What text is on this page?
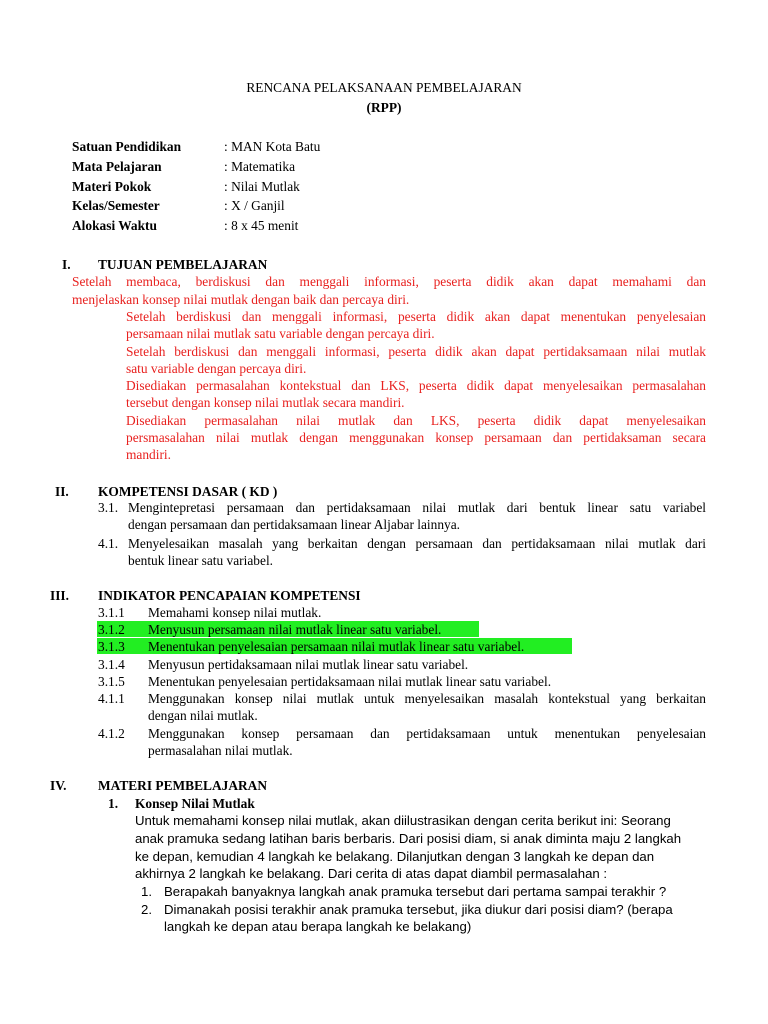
RENCANA PELAKSANAAN PEMBELAJARAN
(RPP)
Satuan Pendidikan	: MAN Kota Batu
Mata Pelajaran	: Matematika
Materi Pokok	: Nilai Mutlak
Kelas/Semester	: X / Ganjil
Alokasi Waktu	: 8 x 45 menit
I. TUJUAN PEMBELAJARAN
Setelah membaca, berdiskusi dan menggali informasi, peserta didik akan dapat memahami dan
menjelaskan konsep nilai mutlak dengan baik dan percaya diri.
Setelah berdiskusi dan menggali informasi, peserta didik akan dapat menentukan penyelesaian
persamaan nilai mutlak satu variable dengan percaya diri.
Setelah berdiskusi dan menggali informasi, peserta didik akan dapat pertidaksamaan nilai mutlak
satu variable dengan percaya diri.
Disediakan permasalahan kontekstual dan LKS, peserta didik dapat menyelesaikan permasalahan
tersebut dengan konsep nilai mutlak secara mandiri.
Disediakan permasalahan nilai mutlak dan LKS, peserta didik dapat menyelesaikan
persmasalahan nilai mutlak dengan menggunakan konsep persamaan dan pertidaksaman secara
mandiri.
II. KOMPETENSI DASAR ( KD )
3.1. Mengintepretasi persamaan dan pertidaksamaan nilai mutlak dari bentuk linear satu variabel
dengan persamaan dan pertidaksamaan linear Aljabar lainnya.
4.1. Menyelesaikan masalah yang berkaitan dengan persamaan dan pertidaksamaan nilai mutlak dari
bentuk linear satu variabel.
III. INDIKATOR PENCAPAIAN KOMPETENSI
3.1.1 Memahami konsep nilai mutlak.
3.1.2 Menyusun persamaan nilai mutlak linear satu variabel.
3.1.3 Menentukan penyelesaian persamaan nilai mutlak linear satu variabel.
3.1.4 Menyusun pertidaksamaan nilai mutlak linear satu variabel.
3.1.5 Menentukan penyelesaian pertidaksamaan nilai mutlak linear satu variabel.
4.1.1 Menggunakan konsep nilai mutlak untuk menyelesaikan masalah kontekstual yang berkaitan
dengan nilai mutlak.
4.1.2 Menggunakan konsep persamaan dan pertidaksamaan untuk menentukan penyelesaian
permasalahan nilai mutlak.
IV. MATERI PEMBELAJARAN
1. Konsep Nilai Mutlak
Untuk memahami konsep nilai mutlak, akan diilustrasikan dengan cerita berikut ini: Seorang
anak pramuka sedang latihan baris berbaris. Dari posisi diam, si anak diminta maju 2 langkah
ke depan, kemudian 4 langkah ke belakang. Dilanjutkan dengan 3 langkah ke depan dan
akhirnya 2 langkah ke belakang. Dari cerita di atas dapat diambil permasalahan :
1. Berapakah banyaknya langkah anak pramuka tersebut dari pertama sampai terakhir ?
2. Dimanakah posisi terakhir anak pramuka tersebut, jika diukur dari posisi diam? (berapa
langkah ke depan atau berapa langkah ke belakang)
